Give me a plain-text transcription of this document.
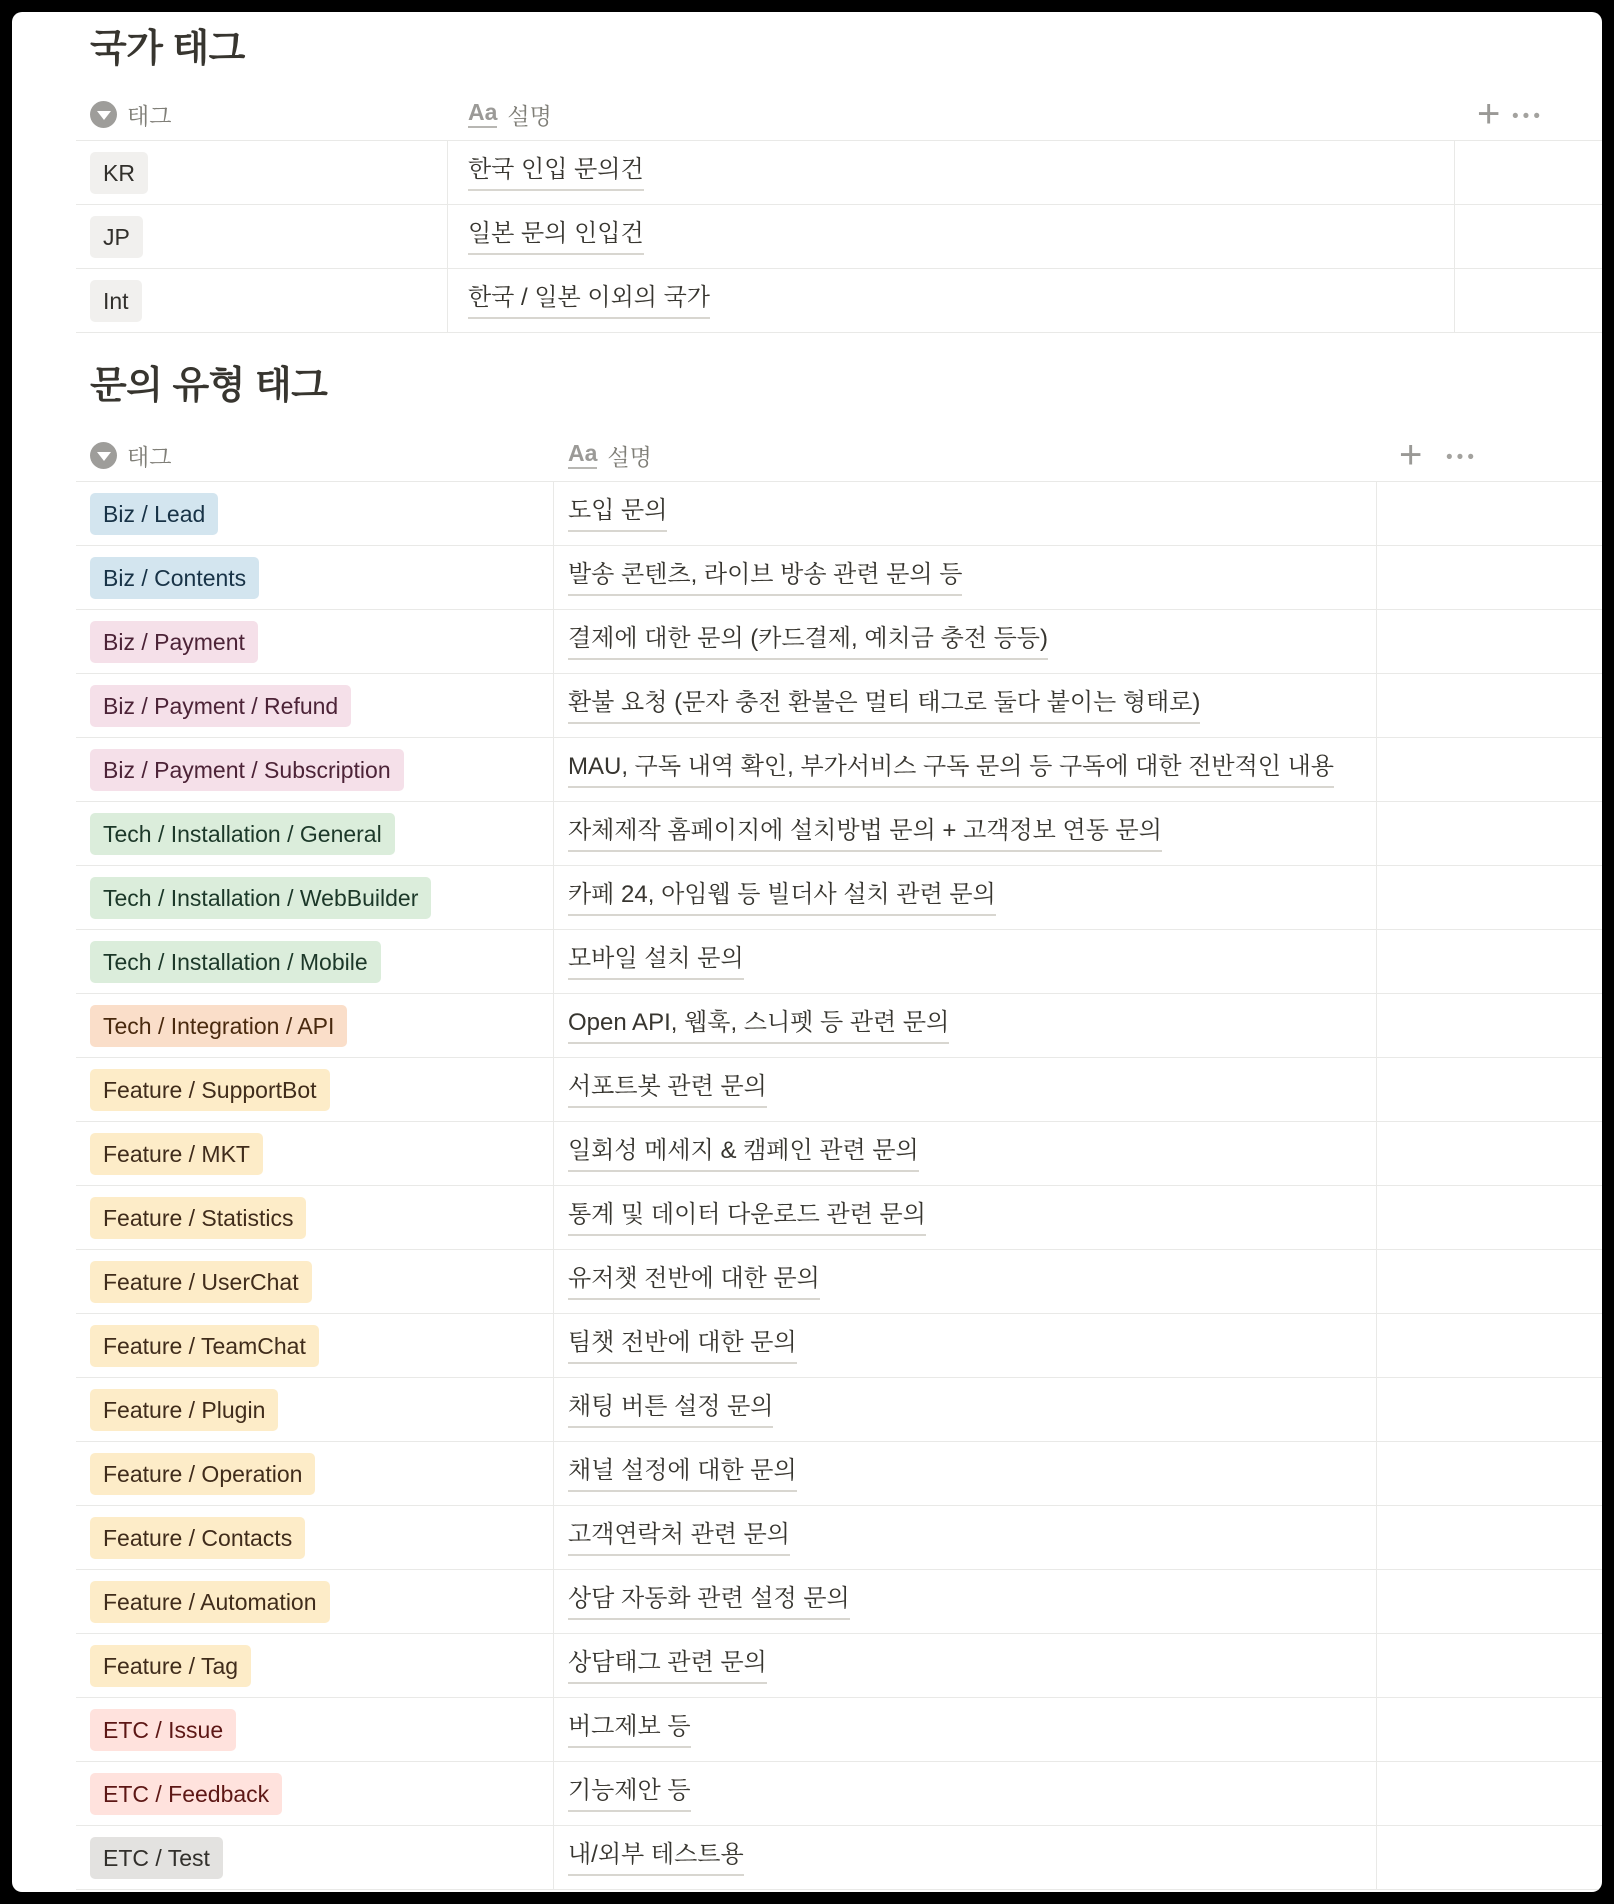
국가 태그
태그	Aa 설명	+ •••
KR	한국 인입 문의건
JP	일본 문의 인입건
Int	한국 / 일본 이외의 국가
문의 유형 태그
태그	Aa 설명	+ •••
Biz / Lead	도입 문의
Biz / Contents	발송 콘텐츠, 라이브 방송 관련 문의 등
Biz / Payment	결제에 대한 문의 (카드결제, 예치금 충전 등등)
Biz / Payment / Refund	환불 요청 (문자 충전 환불은 멀티 태그로 둘다 붙이는 형태로)
Biz / Payment / Subscription	MAU, 구독 내역 확인, 부가서비스 구독 문의 등 구독에 대한 전반적인 내용
Tech / Installation / General	자체제작 홈페이지에 설치방법 문의 + 고객정보 연동 문의
Tech / Installation / WebBuilder	카페 24, 아임웹 등 빌더사 설치 관련 문의
Tech / Installation / Mobile	모바일 설치 문의
Tech / Integration / API	Open API, 웹훅, 스니펫 등 관련 문의
Feature / SupportBot	서포트봇 관련 문의
Feature / MKT	일회성 메세지 & 캠페인 관련 문의
Feature / Statistics	통계 및 데이터 다운로드 관련 문의
Feature / UserChat	유저챗 전반에 대한 문의
Feature / TeamChat	팀챗 전반에 대한 문의
Feature / Plugin	채팅 버튼 설정 문의
Feature / Operation	채널 설정에 대한 문의
Feature / Contacts	고객연락처 관련 문의
Feature / Automation	상담 자동화 관련 설정 문의
Feature / Tag	상담태그 관련 문의
ETC / Issue	버그제보 등
ETC / Feedback	기능제안 등
ETC / Test	내/외부 테스트용
